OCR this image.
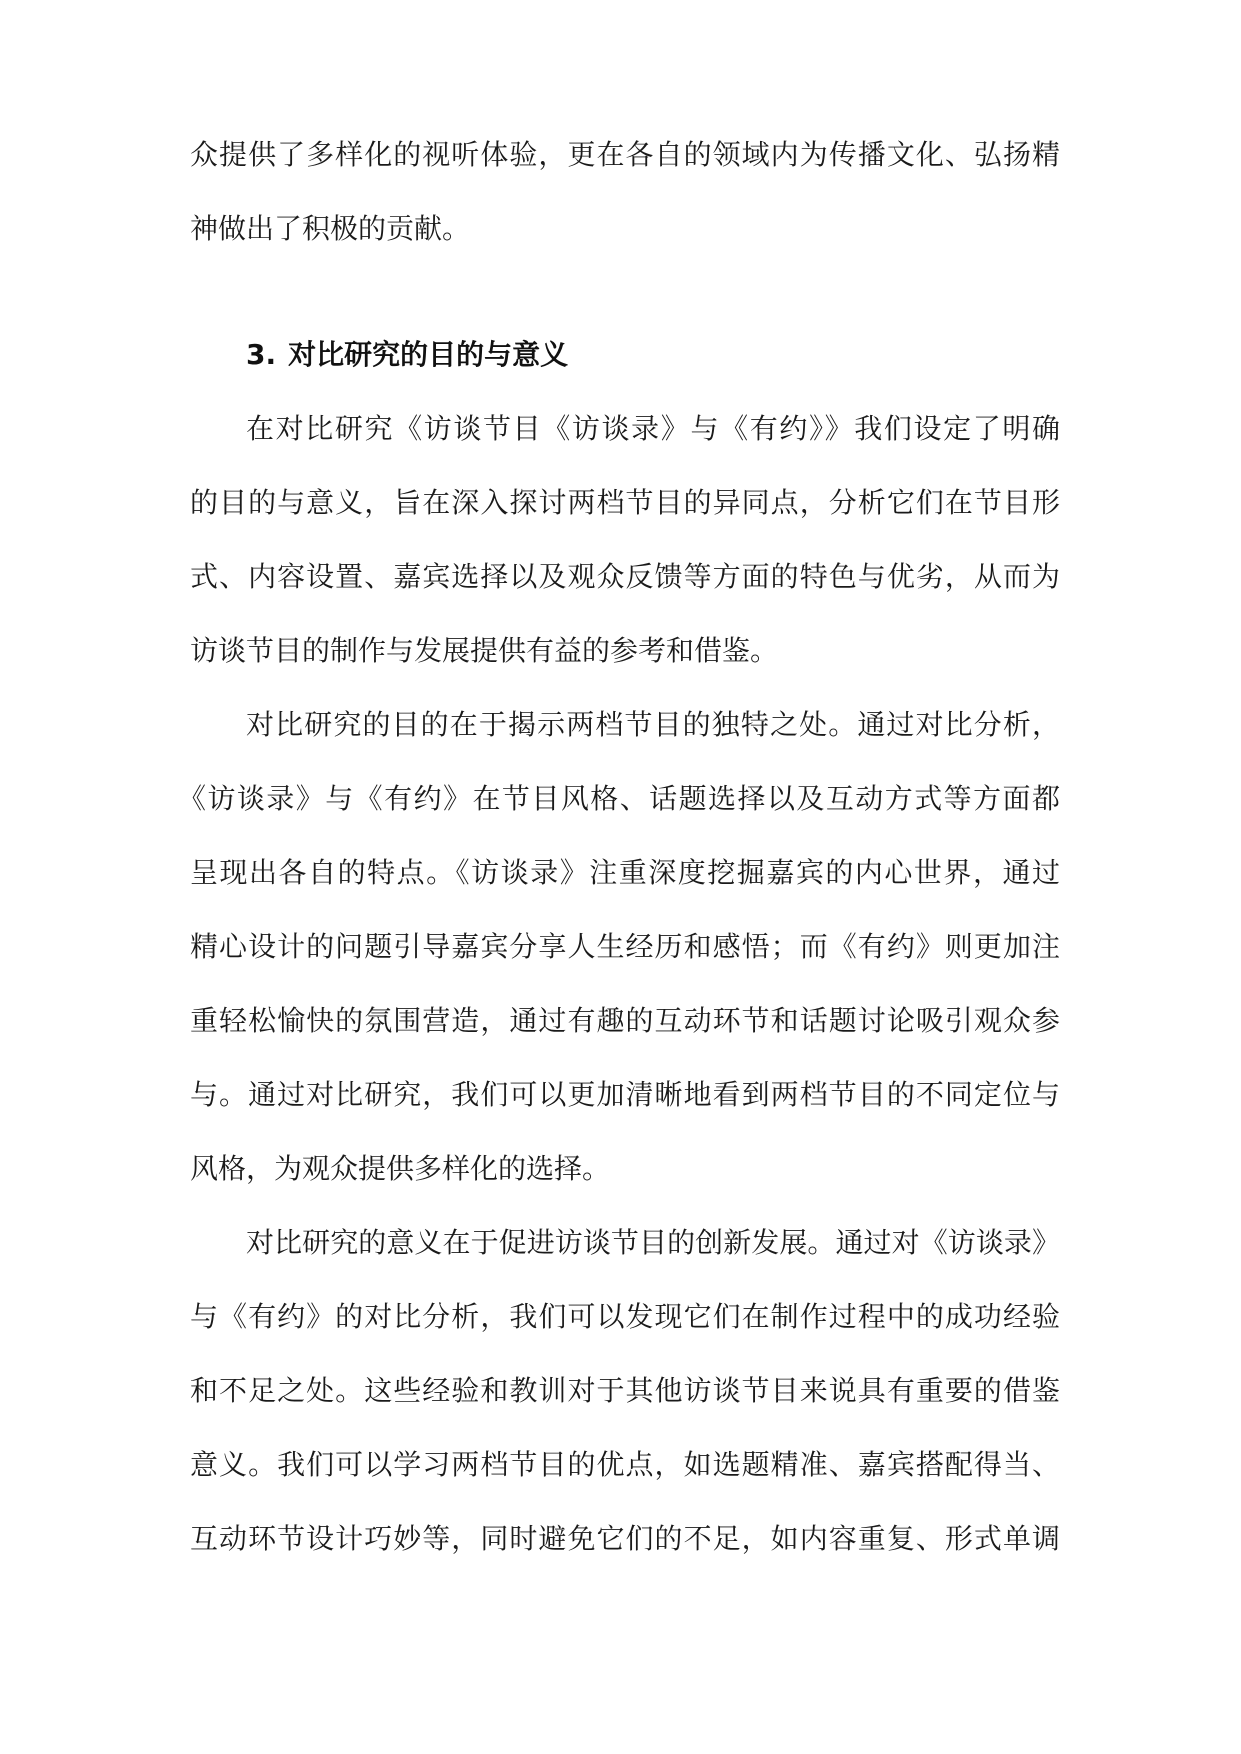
众提供了多样化的视听体验，更在各自的领域内为传播文化、弘扬精
神做出了积极的贡献。
3. 对比研究的目的与意义
在对比研究《访谈节目《访谈录》与《有约》》我们设定了明确
的目的与意义，旨在深入探讨两档节目的异同点，分析它们在节目形
式、内容设置、嘉宾选择以及观众反馈等方面的特色与优劣，从而为
访谈节目的制作与发展提供有益的参考和借鉴。
对比研究的目的在于揭示两档节目的独特之处。通过对比分析，
《访谈录》与《有约》在节目风格、话题选择以及互动方式等方面都
呈现出各自的特点。《访谈录》注重深度挖掘嘉宾的内心世界，通过
精心设计的问题引导嘉宾分享人生经历和感悟；而《有约》则更加注
重轻松愉快的氛围营造，通过有趣的互动环节和话题讨论吸引观众参
与。通过对比研究，我们可以更加清晰地看到两档节目的不同定位与
风格，为观众提供多样化的选择。
对比研究的意义在于促进访谈节目的创新发展。通过对《访谈录》
与《有约》的对比分析，我们可以发现它们在制作过程中的成功经验
和不足之处。这些经验和教训对于其他访谈节目来说具有重要的借鉴
意义。我们可以学习两档节目的优点，如选题精准、嘉宾搭配得当、
互动环节设计巧妙等，同时避免它们的不足，如内容重复、形式单调
